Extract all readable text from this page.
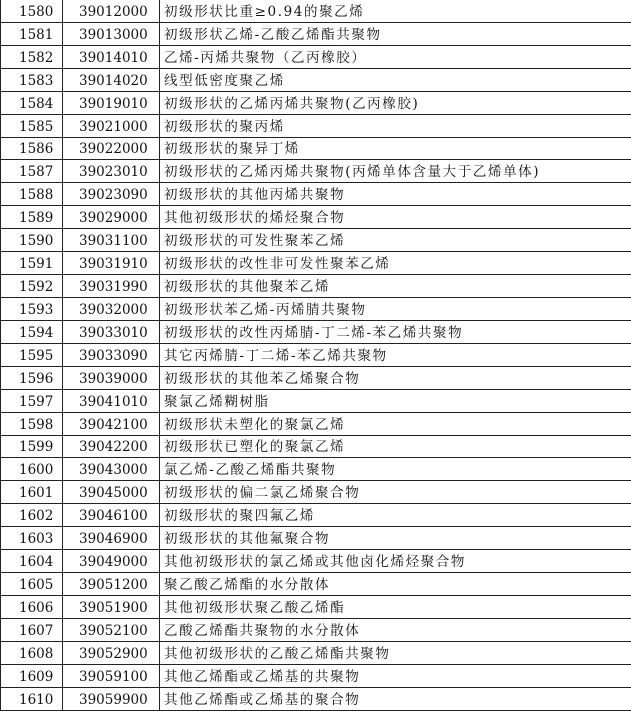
1580	39012000	初级形状比重≥0.94的聚乙烯
1581	39013000	初级形状乙烯-乙酸乙烯酯共聚物
1582	39014010	乙烯-丙烯共聚物（乙丙橡胶）
1583	39014020	线型低密度聚乙烯
1584	39019010	初级形状的乙烯丙烯共聚物(乙丙橡胶)
1585	39021000	初级形状的聚丙烯
1586	39022000	初级形状的聚异丁烯
1587	39023010	初级形状的乙烯丙烯共聚物(丙烯单体含量大于乙烯单体)
1588	39023090	初级形状的其他丙烯共聚物
1589	39029000	其他初级形状的烯烃聚合物
1590	39031100	初级形状的可发性聚苯乙烯
1591	39031910	初级形状的改性非可发性聚苯乙烯
1592	39031990	初级形状的其他聚苯乙烯
1593	39032000	初级形状苯乙烯-丙烯腈共聚物
1594	39033010	初级形状的改性丙烯腈-丁二烯-苯乙烯共聚物
1595	39033090	其它丙烯腈-丁二烯-苯乙烯共聚物
1596	39039000	初级形状的其他苯乙烯聚合物
1597	39041010	聚氯乙烯糊树脂
1598	39042100	初级形状未塑化的聚氯乙烯
1599	39042200	初级形状已塑化的聚氯乙烯
1600	39043000	氯乙烯-乙酸乙烯酯共聚物
1601	39045000	初级形状的偏二氯乙烯聚合物
1602	39046100	初级形状的聚四氟乙烯
1603	39046900	初级形状的其他氟聚合物
1604	39049000	其他初级形状的氯乙烯或其他卤化烯烃聚合物
1605	39051200	聚乙酸乙烯酯的水分散体
1606	39051900	其他初级形状聚乙酸乙烯酯
1607	39052100	乙酸乙烯酯共聚物的水分散体
1608	39052900	其他初级形状的乙酸乙烯酯共聚物
1609	39059100	其他乙烯酯或乙烯基的共聚物
1610	39059900	其他乙烯酯或乙烯基的聚合物
